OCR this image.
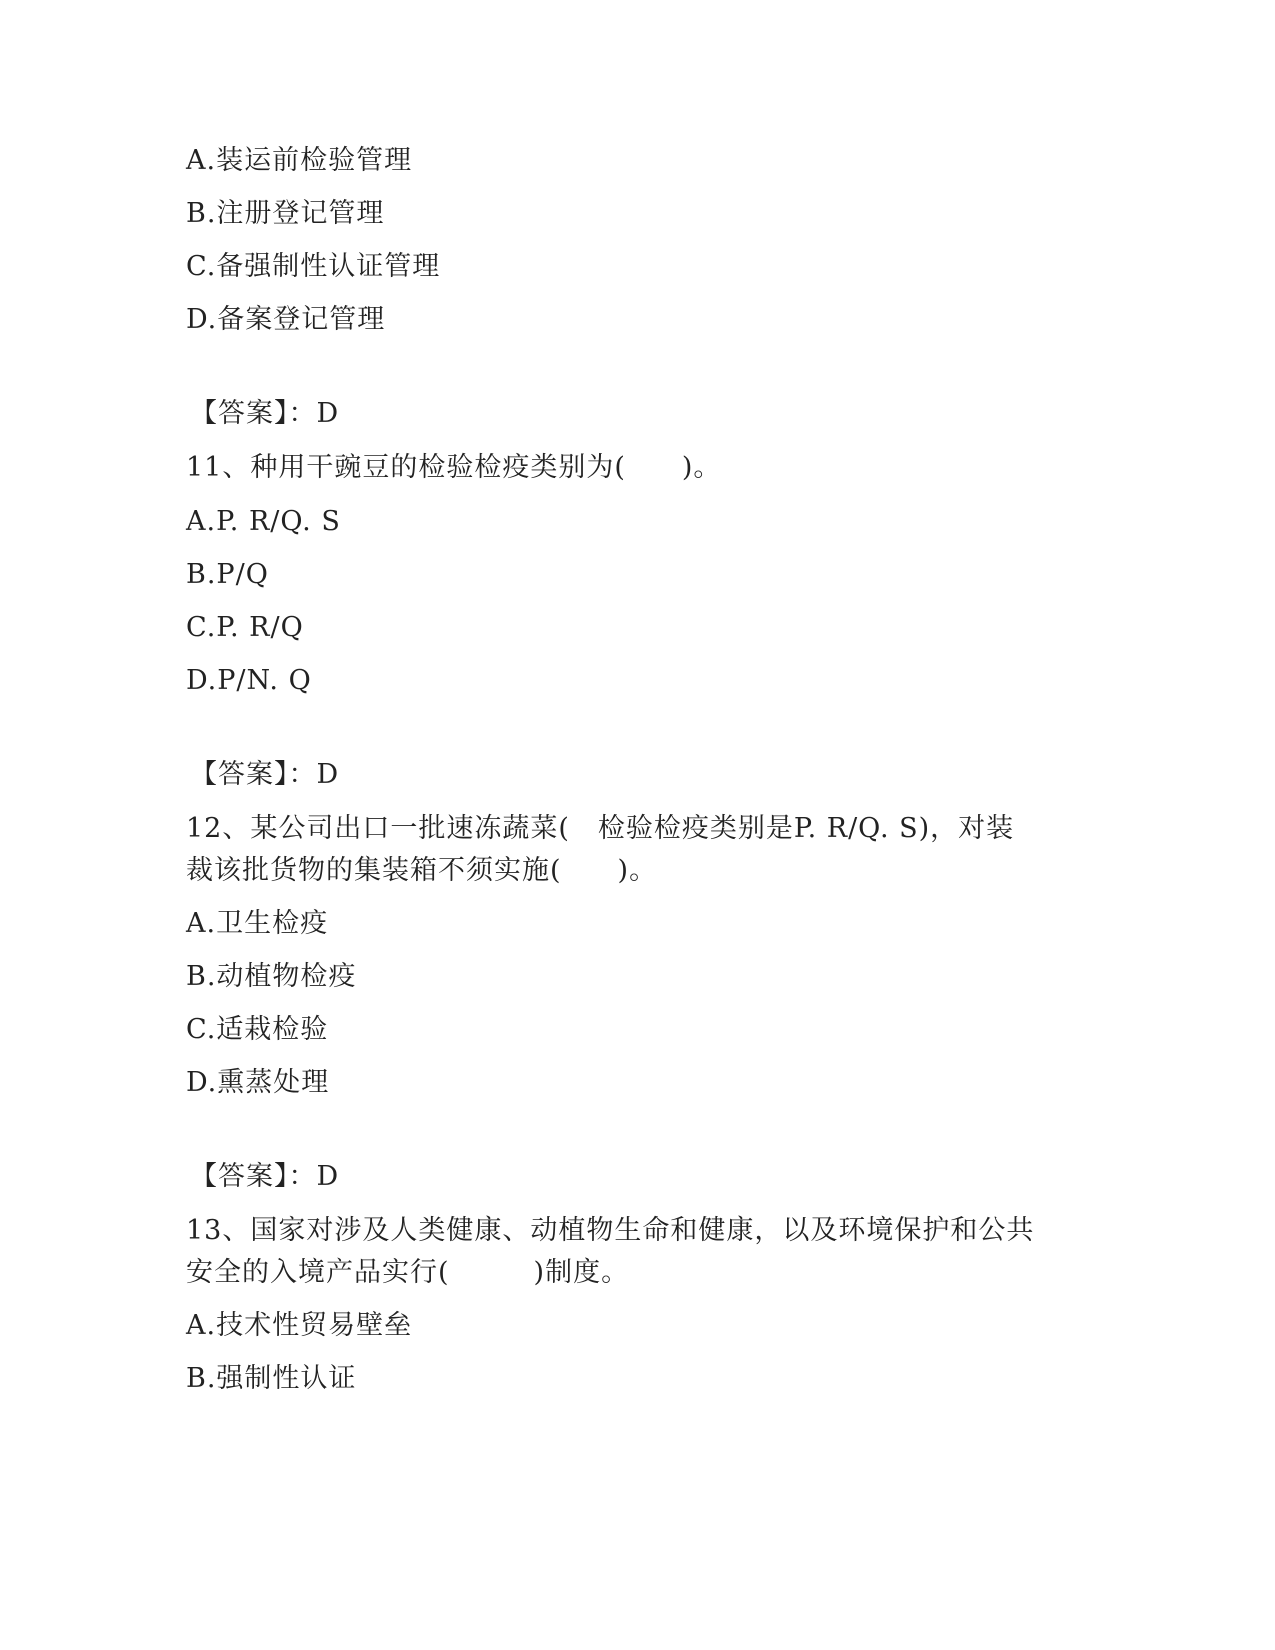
A.装运前检验管理
B.注册登记管理
C.备强制性认证管理
D.备案登记管理
【答案】：D
11、种用干豌豆的检验检疫类别为(　　)。
A.P. R/Q. S
B.P/Q
C.P. R/Q
D.P/N. Q
【答案】：D
12、某公司出口一批速冻蔬菜(　检验检疫类别是P. R/Q. S)，对装
裁该批货物的集装箱不须实施(　　)。
A.卫生检疫
B.动植物检疫
C.适栽检验
D.熏蒸处理
【答案】：D
13、国家对涉及人类健康、动植物生命和健康，以及环境保护和公共
安全的入境产品实行(　　　)制度。
A.技术性贸易壁垒
B.强制性认证
